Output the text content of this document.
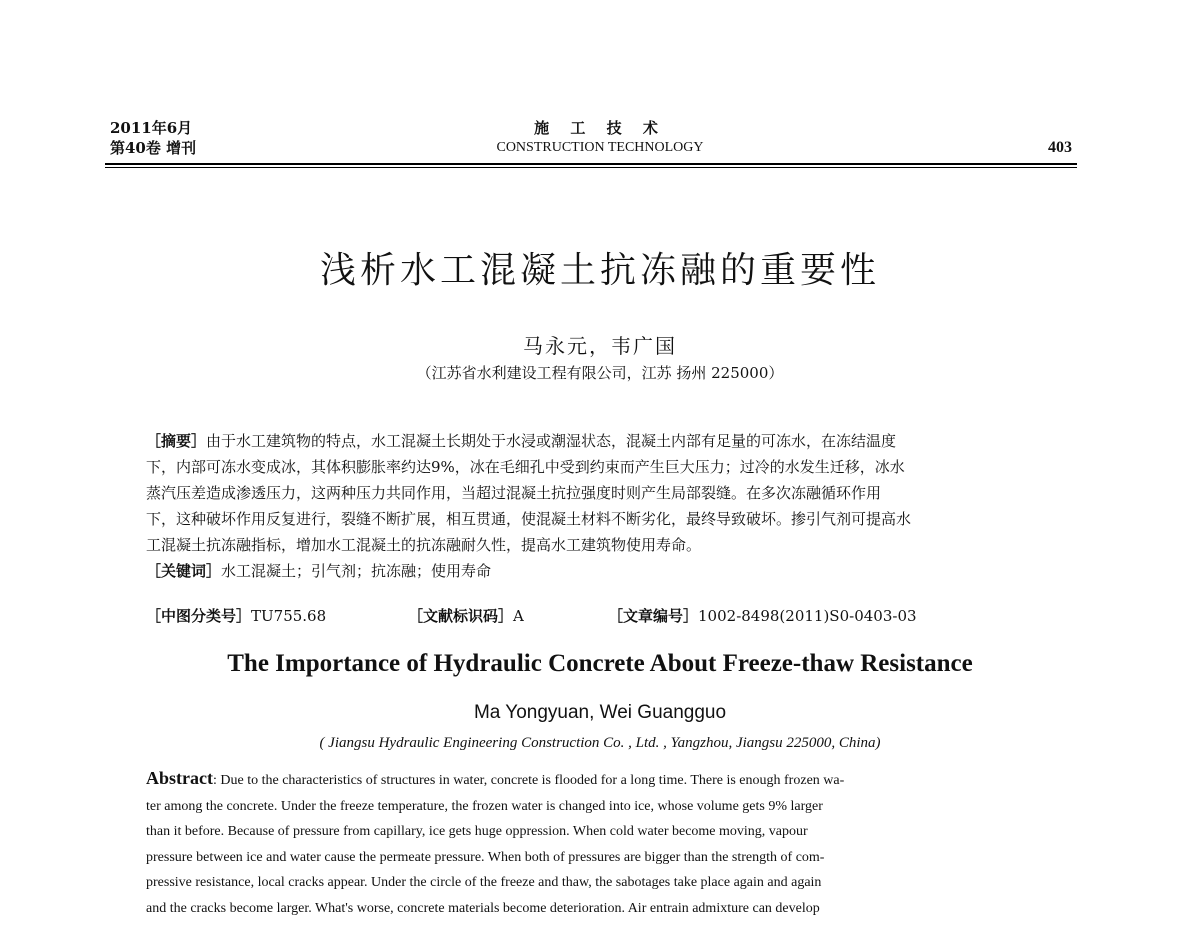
2011年6月
第40卷 增刊
施 工 技 术
CONSTRUCTION TECHNOLOGY	403
浅析水工混凝土抗冻融的重要性
马永元，韦广国
（江苏省水利建设工程有限公司，江苏 扬州 225000）

［摘要］由于水工建筑物的特点，水工混凝土长期处于水浸或潮湿状态，混凝土内部有足量的可冻水，在冻结温度

下，内部可冻水变成冰，其体积膨胀率约达9%，冰在毛细孔中受到约束而产生巨大压力；过冷的水发生迁移，冰水

蒸汽压差造成渗透压力，这两种压力共同作用，当超过混凝土抗拉强度时则产生局部裂缝。在多次冻融循环作用

下，这种破坏作用反复进行，裂缝不断扩展，相互贯通，使混凝土材料不断劣化，最终导致破坏。掺引气剂可提高水

工混凝土抗冻融指标，增加水工混凝土的抗冻融耐久性，提高水工建筑物使用寿命。

［关键词］水工混凝土；引气剂；抗冻融；使用寿命

［中图分类号］TU755.68	［文献标识码］A	［文章编号］1002-8498(2011)S0-0403-03
The Importance of Hydraulic Concrete About Freeze-thaw Resistance
Ma Yongyuan, Wei Guangguo
( Jiangsu Hydraulic Engineering Construction Co. , Ltd. , Yangzhou, Jiangsu 225000, China)
Abstract: Due to the characteristics of structures in water, concrete is flooded for a long time. There is enough frozen wa-
ter among the concrete. Under the freeze temperature, the frozen water is changed into ice, whose volume gets 9% larger
than it before. Because of pressure from capillary, ice gets huge oppression. When cold water become moving, vapour
pressure between ice and water cause the permeate pressure. When both of pressures are bigger than the strength of com-
pressive resistance, local cracks appear. Under the circle of the freeze and thaw, the sabotages take place again and again
and the cracks become larger. What's worse, concrete materials become deterioration. Air entrain admixture can develop
